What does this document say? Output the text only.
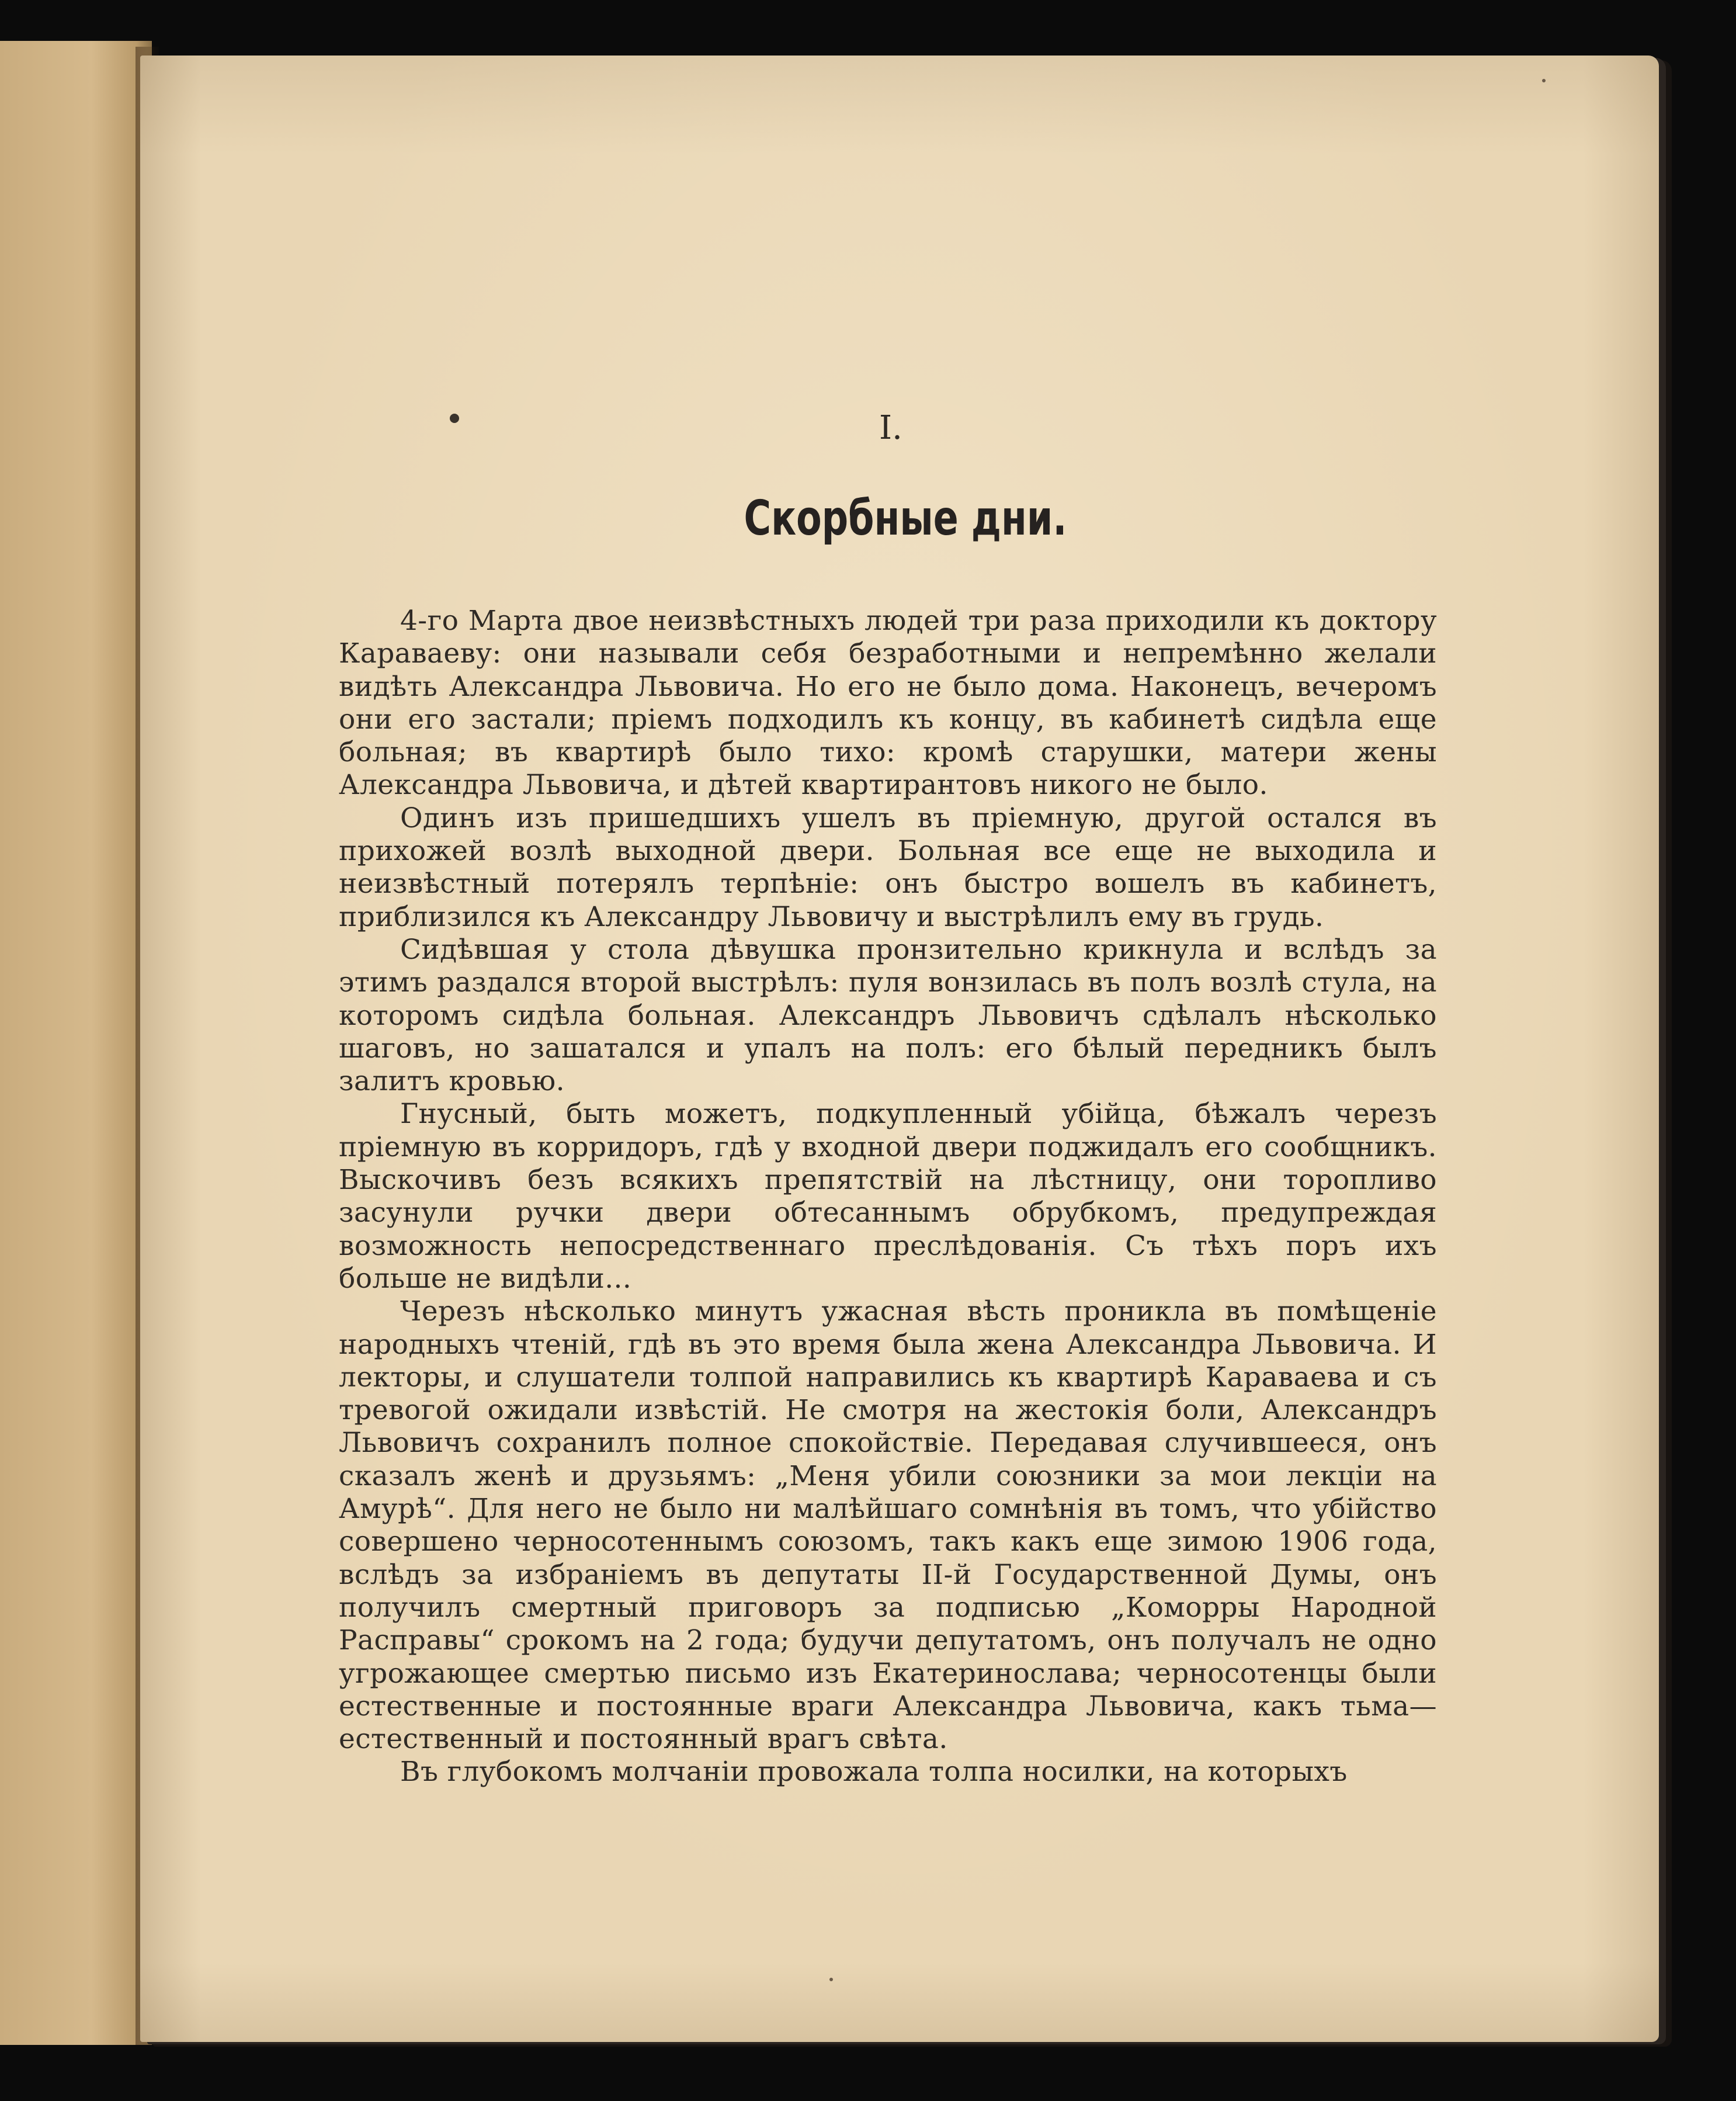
I.
Скорбные дни.

4-го Марта двое неизвѣстныхъ людей три раза приходили къ доктору Караваеву: они называли себя безработными и непремѣнно желали видѣть Александра Львовича. Но его не было дома. Наконецъ, вечеромъ они его застали; пріемъ подходилъ къ концу, въ кабинетѣ сидѣла еще больная; въ квартирѣ было тихо: кромѣ старушки, матери жены Александра Львовича, и дѣтей квартирантовъ никого не было.

Одинъ изъ пришедшихъ ушелъ въ пріемную, другой остался въ прихожей возлѣ выходной двери. Больная все еще не выходила и неизвѣстный потерялъ терпѣніе: онъ быстро вошелъ въ кабинетъ, приблизился къ Александру Львовичу и выстрѣлилъ ему въ грудь.

Сидѣвшая у стола дѣвушка пронзительно крикнула и вслѣдъ за этимъ раздался второй выстрѣлъ: пуля вонзилась въ полъ возлѣ стула, на которомъ сидѣла больная. Александръ Львовичъ сдѣлалъ нѣсколько шаговъ, но зашатался и упалъ на полъ: его бѣлый передникъ былъ залитъ кровью.

Гнусный, быть можетъ, подкупленный убійца, бѣжалъ черезъ пріемную въ корридоръ, гдѣ у входной двери поджидалъ его сообщникъ. Выскочивъ безъ всякихъ препятствій на лѣстницу, они торопливо засунули ручки двери обтесаннымъ обрубкомъ, предупреждая возможность непосредственнаго преслѣдованія. Съ тѣхъ поръ ихъ больше не видѣли...

Черезъ нѣсколько минутъ ужасная вѣсть проникла въ помѣщеніе народныхъ чтеній, гдѣ въ это время была жена Александра Львовича. И лекторы, и слушатели толпой направились къ квартирѣ Караваева и съ тревогой ожидали извѣстій. Не смотря на жестокія боли, Александръ Львовичъ сохранилъ полное спокойствіе. Передавая случившееся, онъ сказалъ женѣ и друзьямъ: „Меня убили союзники за мои лекціи на Амурѣ“. Для него не было ни малѣйшаго сомнѣнія въ томъ, что убійство совершено черносотеннымъ союзомъ, такъ какъ еще зимою 1906 года, вслѣдъ за избраніемъ въ депутаты II-й Государственной Думы, онъ получилъ смертный приговоръ за подписью „Коморры Народной Расправы“ срокомъ на 2 года; будучи депутатомъ, онъ получалъ не одно угрожающее смертью письмо изъ Екатеринослава; черносотенцы были естественные и постоянные враги Александра Львовича, какъ тьма—естественный и постоянный врагъ свѣта.

Въ глубокомъ молчаніи провожала толпа носилки, на которыхъ
